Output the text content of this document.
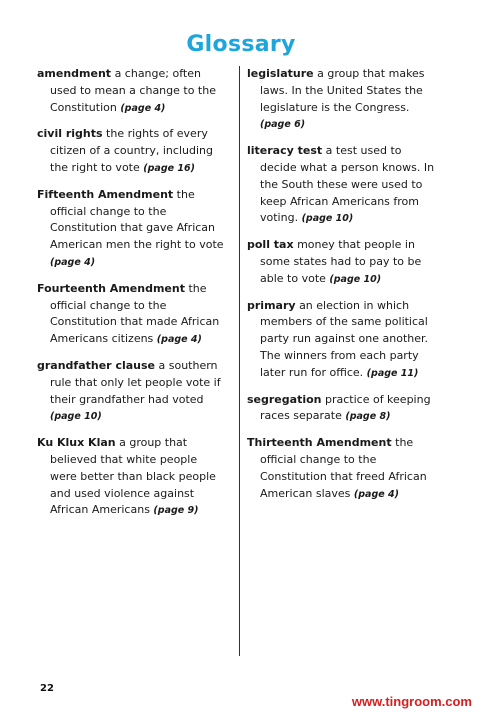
Glossary

amendment a change; often used to mean a change to the Constitution (page 4)

civil rights the rights of every citizen of a country, including the right to vote (page 16)

Fifteenth Amendment the official change to the Constitution that gave African American men the right to vote (page 4)

Fourteenth Amendment the official change to the Constitution that made African Americans citizens (page 4)

grandfather clause a southern rule that only let people vote if their grandfather had voted (page 10)

Ku Klux Klan a group that believed that white people were better than black people and used violence against African Americans (page 9)

legislature a group that makes laws. In the United States the legislature is the Congress. (page 6)

literacy test a test used to decide what a person knows. In the South these were used to keep African Americans from voting. (page 10)

poll tax money that people in some states had to pay to be able to vote (page 10)

primary an election in which members of the same political party run against one another. The winners from each party later run for office. (page 11)

segregation practice of keeping races separate (page 8)

Thirteenth Amendment the official change to the Constitution that freed African American slaves (page 4)

22
www.tingroom.com
